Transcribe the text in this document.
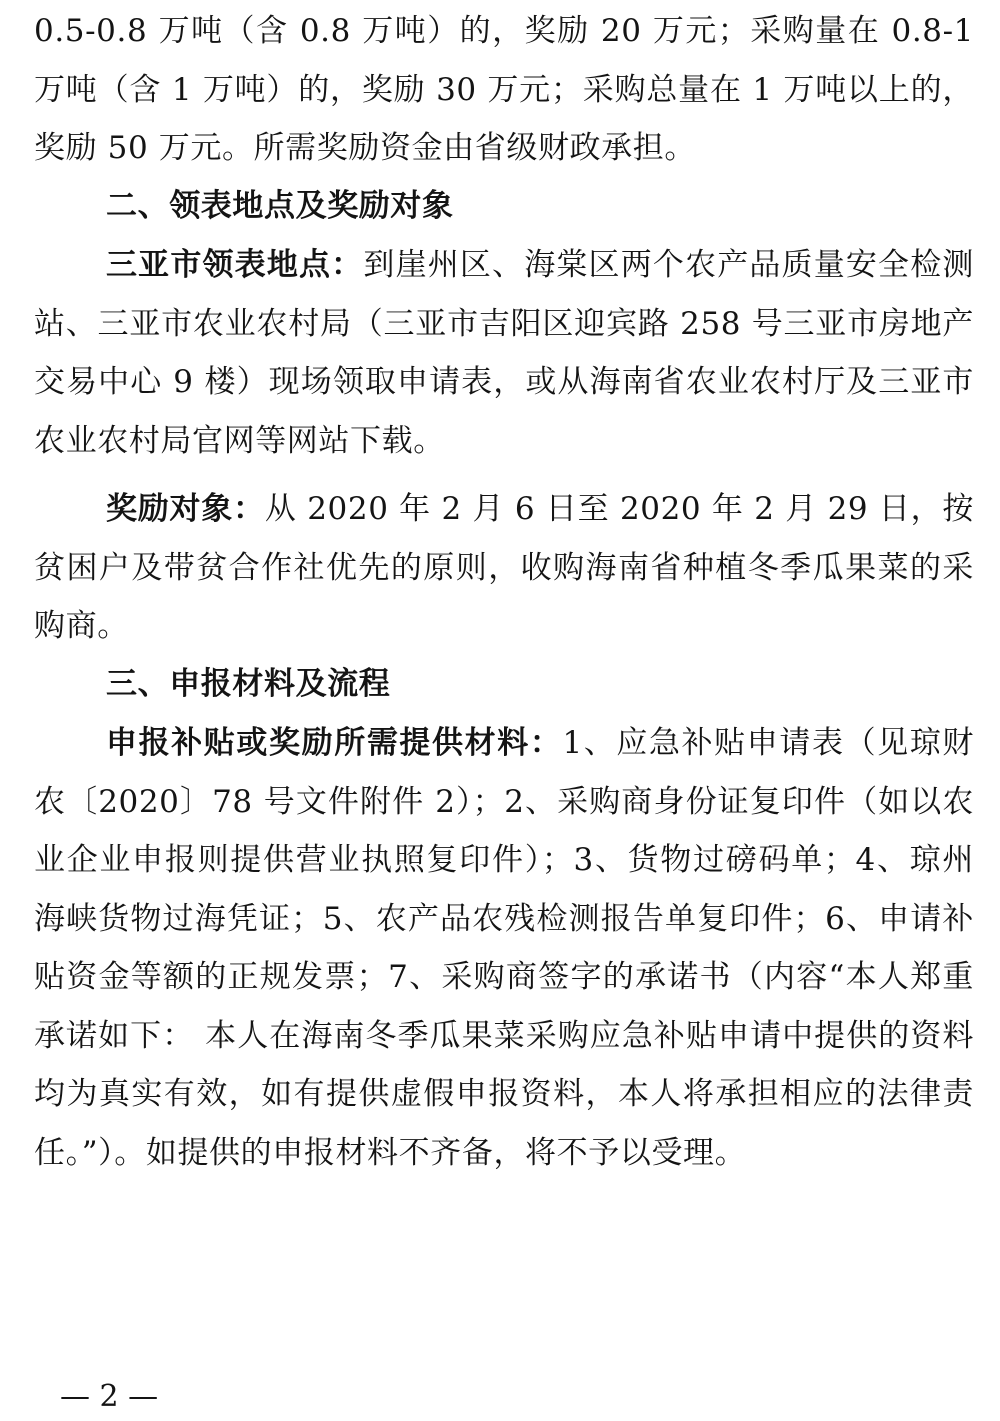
0.5-0.8 万吨（含 0.8 万吨）的，奖励 20 万元；采购量在 0.8-1 万吨（含 1 万吨）的，奖励 30 万元；采购总量在 1 万吨以上的，奖励 50 万元。所需奖励资金由省级财政承担。

二、领表地点及奖励对象

三亚市领表地点：到崖州区、海棠区两个农产品质量安全检测站、三亚市农业农村局（三亚市吉阳区迎宾路 258 号三亚市房地产交易中心 9 楼）现场领取申请表，或从海南省农业农村厅及三亚市农业农村局官网等网站下载。

奖励对象：从 2020 年 2 月 6 日至 2020 年 2 月 29 日，按贫困户及带贫合作社优先的原则，收购海南省种植冬季瓜果菜的采购商。

三、申报材料及流程

申报补贴或奖励所需提供材料：1、应急补贴申请表（见琼财农〔2020〕78 号文件附件 2）；2、采购商身份证复印件（如以农业企业申报则提供营业执照复印件）；3、货物过磅码单；4、琼州海峡货物过海凭证；5、农产品农残检测报告单复印件；6、申请补贴资金等额的正规发票；7、采购商签字的承诺书（内容“本人郑重承诺如下： 本人在海南冬季瓜果菜采购应急补贴申请中提供的资料均为真实有效，如有提供虚假申报资料，本人将承担相应的法律责任。”）。如提供的申报材料不齐备，将不予以受理。

— 2 —
